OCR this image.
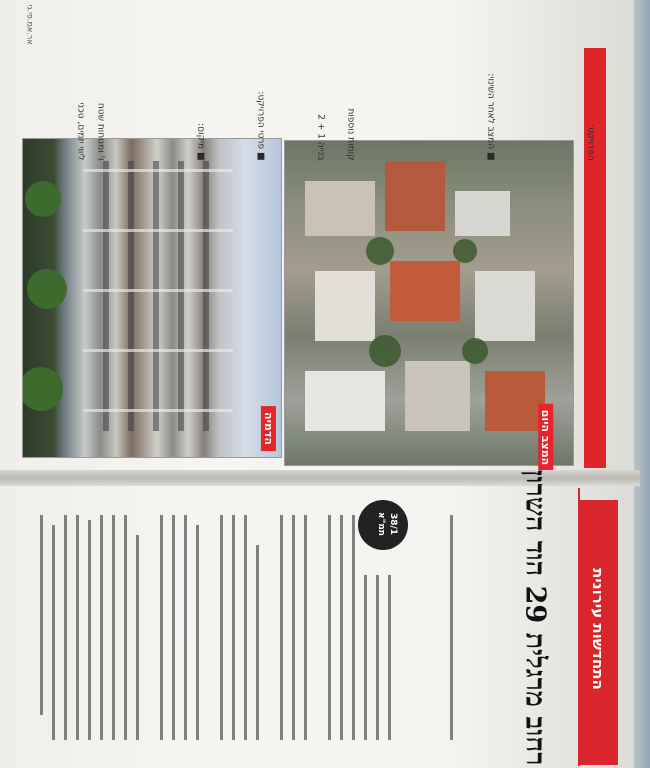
הדמיה	המצב היום
ליווי יזמים, טכני ו' ומנוחות שטח	הפרויקט:
■ מיקום:
בנייה 1 + 2
■ פרטי הפרויקט:	קומות נוספות	■ המצב לאחר השינוי:
התחדשות עירונית
רחוב מרגלית 29 הוד השרון
תמ"א 38/1
אר.אמ.פי.גי
